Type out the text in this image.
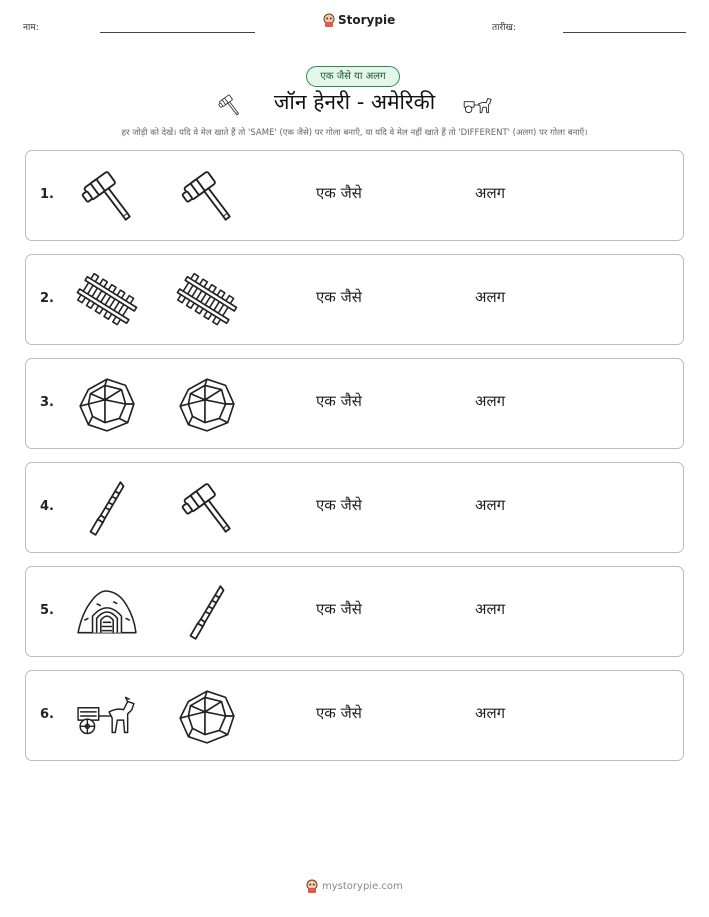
नाम:
Storypie
तारीख:
एक जैसे या अलग
जॉन हेनरी - अमेरिकी
हर जोड़ी को देखें। यदि वे मेल खाते हैं तो 'SAME' (एक जैसे) पर गोला बनाएँ, या यदि वे मेल नहीं खाते हैं तो 'DIFFERENT' (अलग) पर गोला बनाएँ।
1.	एक जैसे	अलग
2.	एक जैसे	अलग
3.	एक जैसे	अलग
4.	एक जैसे	अलग
5.	एक जैसे	अलग
6.	एक जैसे	अलग
mystorypie.com
